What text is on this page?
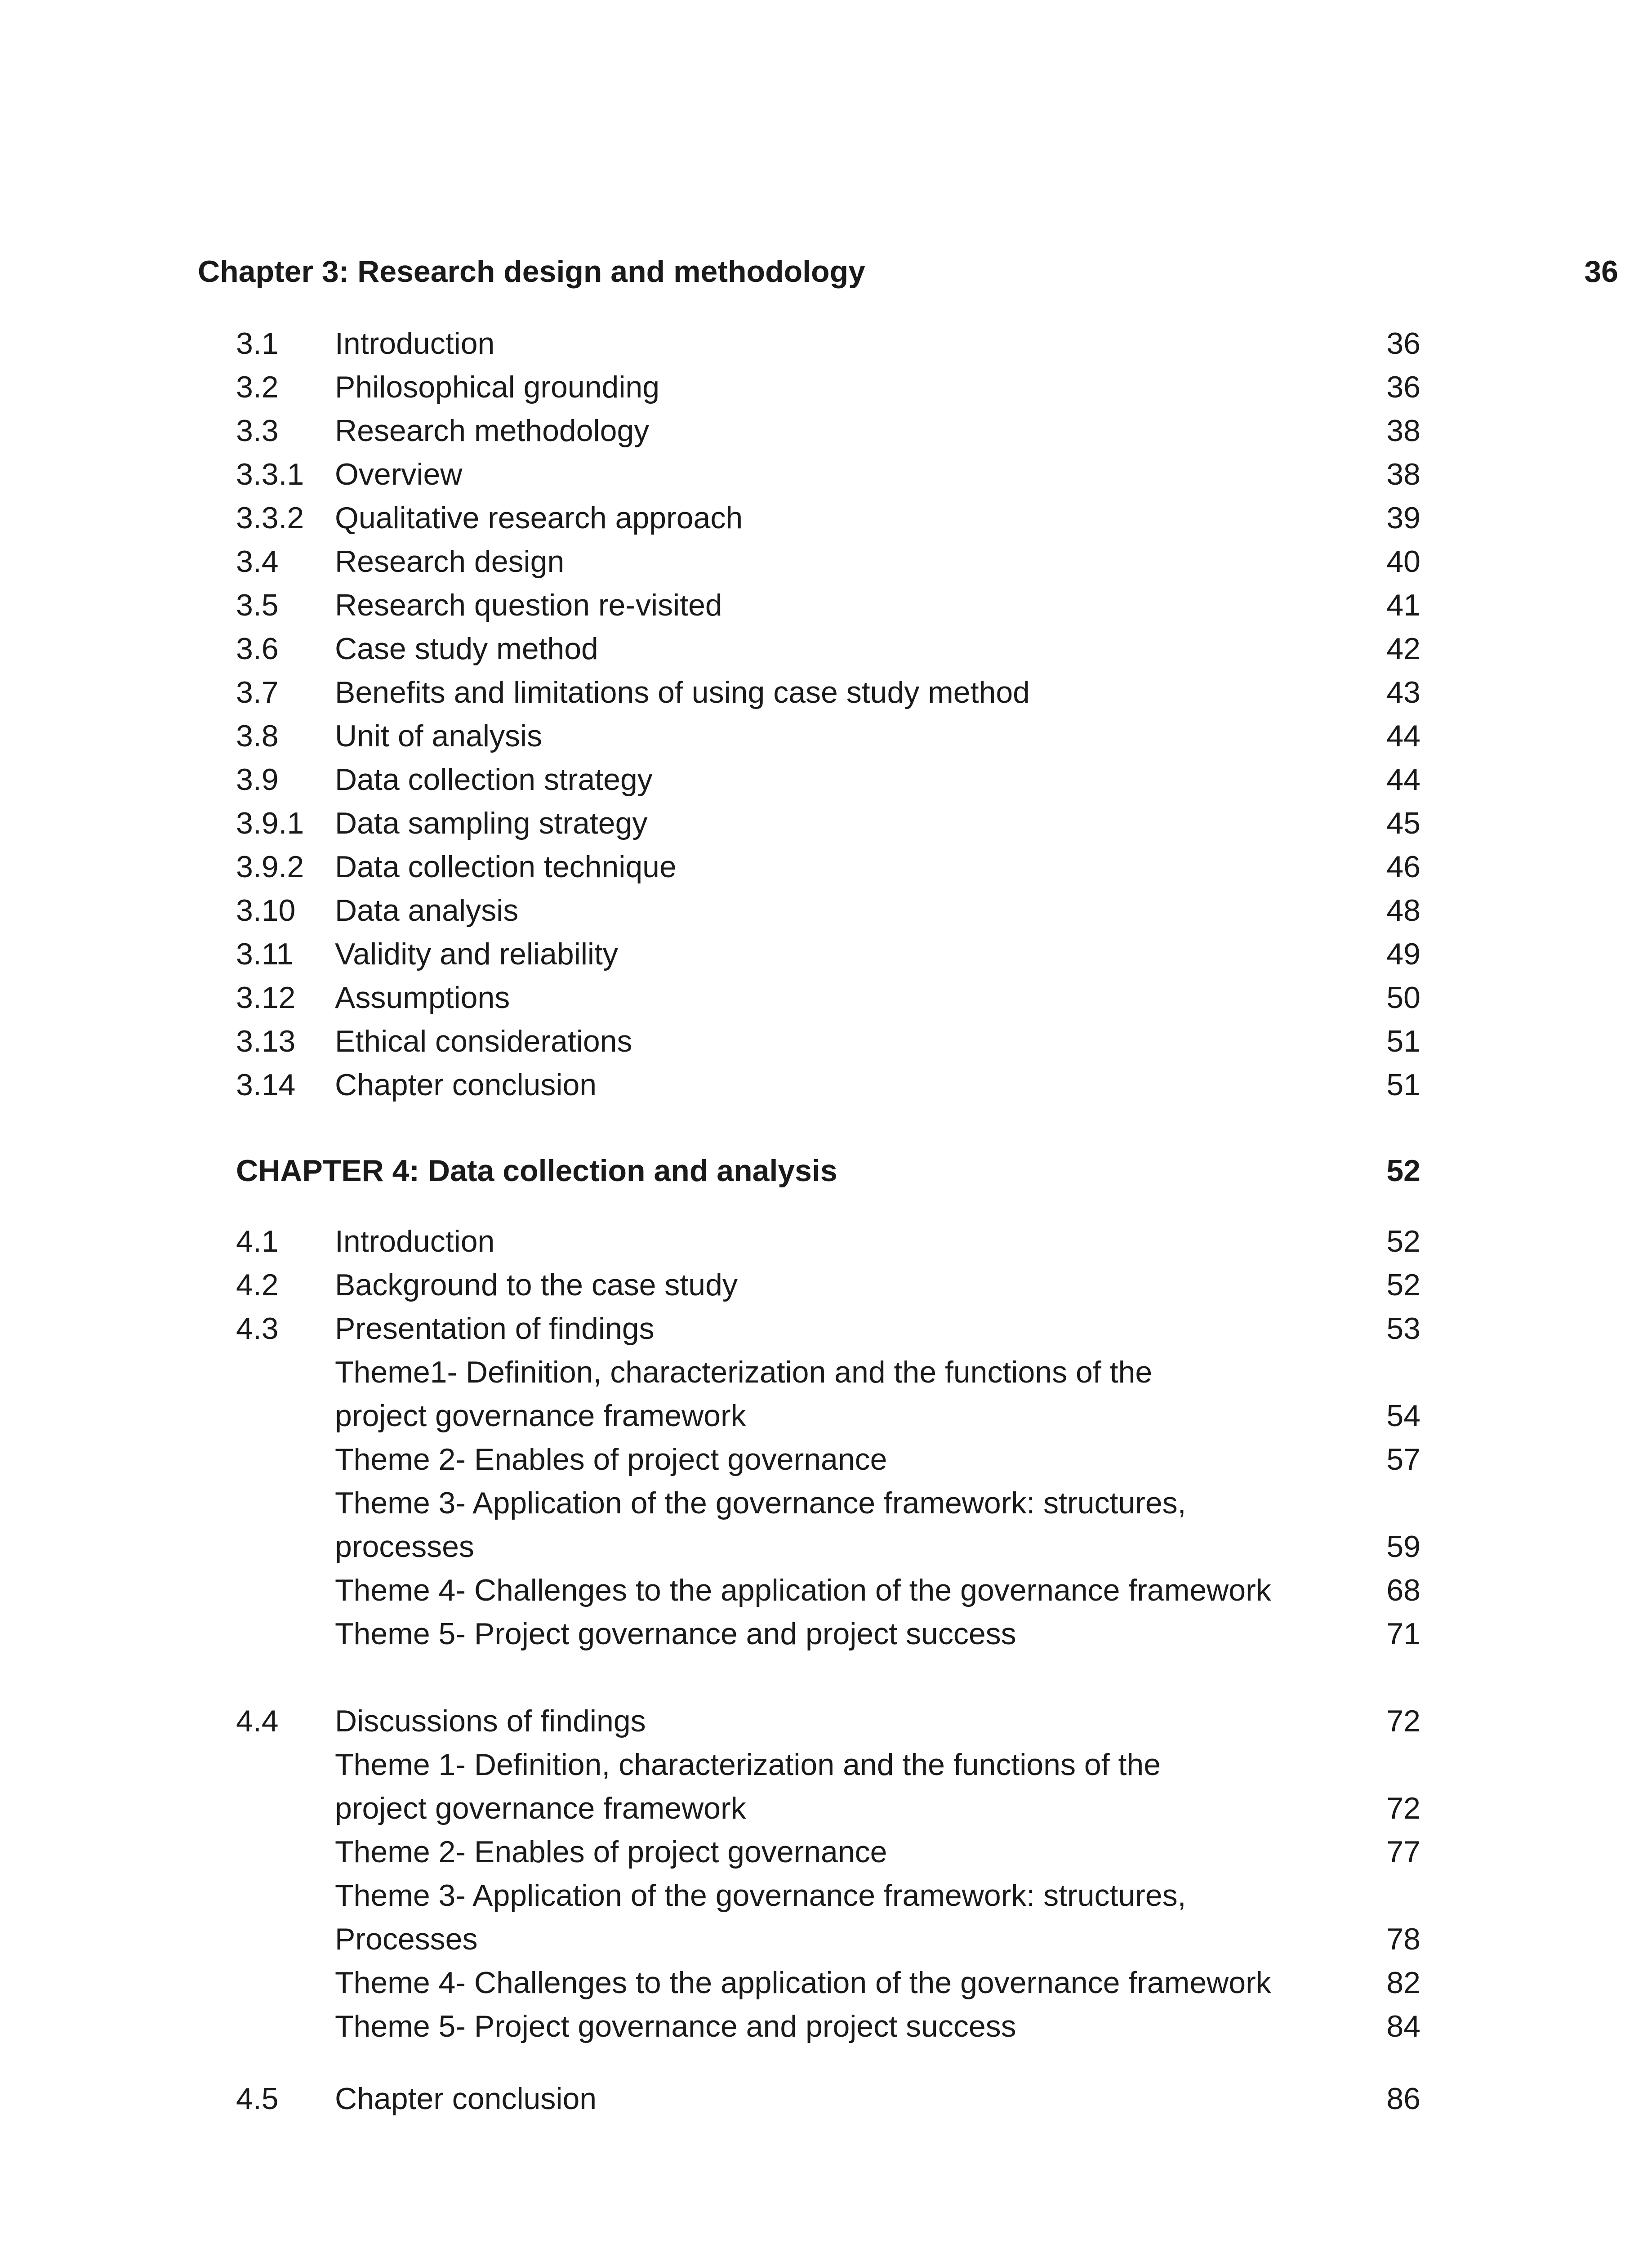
Chapter 3: Research design and methodology	36
3.1 Introduction	36
3.2 Philosophical grounding	36
3.3 Research methodology	38
3.3.1 Overview	38
3.3.2 Qualitative research approach	39
3.4 Research design	40
3.5 Research question re-visited	41
3.6 Case study method	42
3.7 Benefits and limitations of using case study method	43
3.8 Unit of analysis	44
3.9 Data collection strategy	44
3.9.1 Data sampling strategy	45
3.9.2 Data collection technique	46
3.10 Data analysis	48
3.11 Validity and reliability	49
3.12 Assumptions	50
3.13 Ethical considerations	51
3.14 Chapter conclusion	51
CHAPTER 4: Data collection and analysis	52
4.1 Introduction	52
4.2 Background to the case study	52
4.3 Presentation of findings	53
Theme1- Definition, characterization and the functions of the
project governance framework	54
Theme 2- Enables of project governance	57
Theme 3- Application of the governance framework: structures,
processes	59
Theme 4- Challenges to the application of the governance framework	68
Theme 5- Project governance and project success	71
4.4 Discussions of findings	72
Theme 1- Definition, characterization and the functions of the
project governance framework	72
Theme 2- Enables of project governance	77
Theme 3- Application of the governance framework: structures,
Processes	78
Theme 4- Challenges to the application of the governance framework	82
Theme 5- Project governance and project success	84
4.5 Chapter conclusion	86
